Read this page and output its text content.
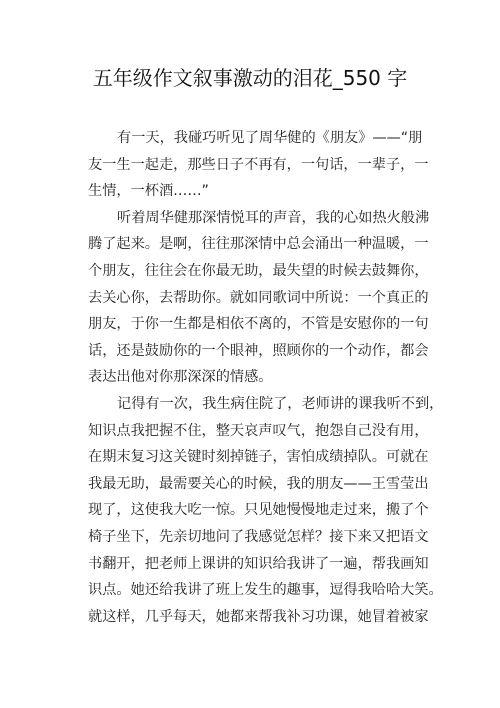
五年级作文叙事激动的泪花_550 字

有一天，我碰巧听见了周华健的《朋友》——“朋
友一生一起走，那些日子不再有，一句话，一辈子，一
生情，一杯酒……”

听着周华健那深情悦耳的声音，我的心如热火般沸
腾了起来。是啊，往往那深情中总会涌出一种温暖，一
个朋友，往往会在你最无助，最失望的时候去鼓舞你，
去关心你，去帮助你。就如同歌词中所说：一个真正的
朋友，于你一生都是相依不离的，不管是安慰你的一句
话，还是鼓励你的一个眼神，照顾你的一个动作，都会
表达出他对你那深深的情感。

记得有一次，我生病住院了，老师讲的课我听不到，
知识点我把握不住，整天哀声叹气，抱怨自己没有用，
在期末复习这关键时刻掉链子，害怕成绩掉队。可就在
我最无助，最需要关心的时候，我的朋友——王雪莹出
现了，这使我大吃一惊。只见她慢慢地走过来，搬了个
椅子坐下，先亲切地问了我感觉怎样？接下来又把语文
书翻开，把老师上课讲的知识给我讲了一遍，帮我画知
识点。她还给我讲了班上发生的趣事，逗得我哈哈大笑。
就这样，几乎每天，她都来帮我补习功课，她冒着被家
